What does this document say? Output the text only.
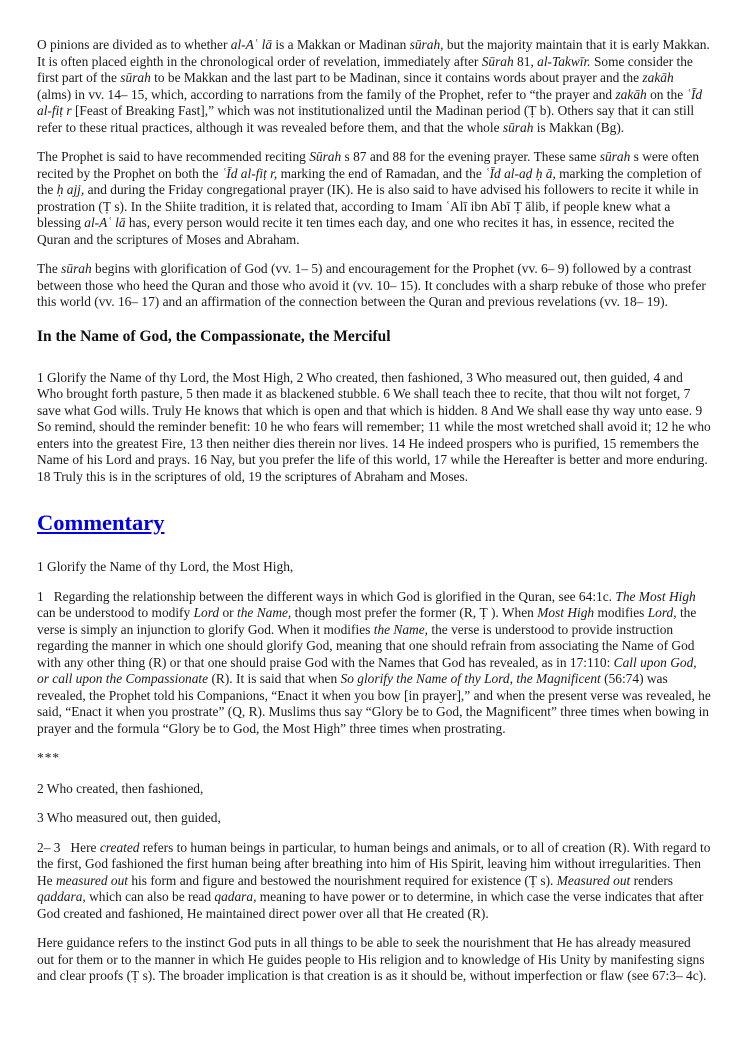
O pinions are divided as to whether al-Aʿ lā is a Makkan or Madinan sūrah, but the majority maintain that it is early Makkan. It is often placed eighth in the chronological order of revelation, immediately after Sūrah 81, al-Takwīr. Some consider the first part of the sūrah to be Makkan and the last part to be Madinan, since it contains words about prayer and the zakāh (alms) in vv. 14– 15, which, according to narrations from the family of the Prophet, refer to “the prayer and zakāh on the ʿĪd al-fiṭ r [Feast of Breaking Fast],” which was not institutionalized until the Madinan period (Ṭ b). Others say that it can still refer to these ritual practices, although it was revealed before them, and that the whole sūrah is Makkan (Bg).

The Prophet is said to have recommended reciting Sūrah s 87 and 88 for the evening prayer. These same sūrah s were often recited by the Prophet on both the ʿĪd al-fiṭ r, marking the end of Ramadan, and the ʿĪd al-aḍ ḥ ā, marking the completion of the ḥ ajj, and during the Friday congregational prayer (IK). He is also said to have advised his followers to recite it while in prostration (Ṭ s). In the Shiite tradition, it is related that, according to Imam ʿAlī ibn Abī Ṭ ālib, if people knew what a blessing al-Aʿ lā has, every person would recite it ten times each day, and one who recites it has, in essence, recited the Quran and the scriptures of Moses and Abraham.

The sūrah begins with glorification of God (vv. 1– 5) and encouragement for the Prophet (vv. 6– 9) followed by a contrast between those who heed the Quran and those who avoid it (vv. 10– 15). It concludes with a sharp rebuke of those who prefer this world (vv. 16– 17) and an affirmation of the connection between the Quran and previous revelations (vv. 18– 19).

In the Name of God, the Compassionate, the Merciful

1 Glorify the Name of thy Lord, the Most High, 2 Who created, then fashioned, 3 Who measured out, then guided, 4 and Who brought forth pasture, 5 then made it as blackened stubble. 6 We shall teach thee to recite, that thou wilt not forget, 7 save what God wills. Truly He knows that which is open and that which is hidden. 8 And We shall ease thy way unto ease. 9 So remind, should the reminder benefit: 10 he who fears will remember; 11 while the most wretched shall avoid it; 12 he who enters into the greatest Fire, 13 then neither dies therein nor lives. 14 He indeed prospers who is purified, 15 remembers the Name of his Lord and prays. 16 Nay, but you prefer the life of this world, 17 while the Hereafter is better and more enduring. 18 Truly this is in the scriptures of old, 19 the scriptures of Abraham and Moses.

Commentary

1 Glorify the Name of thy Lord, the Most High,

1   Regarding the relationship between the different ways in which God is glorified in the Quran, see 64:1c. The Most High can be understood to modify Lord or the Name, though most prefer the former (R, Ṭ ). When Most High modifies Lord, the verse is simply an injunction to glorify God. When it modifies the Name, the verse is understood to provide instruction regarding the manner in which one should glorify God, meaning that one should refrain from associating the Name of God with any other thing (R) or that one should praise God with the Names that God has revealed, as in 17:110: Call upon God, or call upon the Compassionate (R). It is said that when So glorify the Name of thy Lord, the Magnificent (56:74) was revealed, the Prophet told his Companions, “Enact it when you bow [in prayer],” and when the present verse was revealed, he said, “Enact it when you prostrate” (Q, R). Muslims thus say “Glory be to God, the Magnificent” three times when bowing in prayer and the formula “Glory be to God, the Most High” three times when prostrating.

***

2 Who created, then fashioned,

3 Who measured out, then guided,

2– 3   Here created refers to human beings in particular, to human beings and animals, or to all of creation (R). With regard to the first, God fashioned the first human being after breathing into him of His Spirit, leaving him without irregularities. Then He measured out his form and figure and bestowed the nourishment required for existence (Ṭ s). Measured out renders qaddara, which can also be read qadara, meaning to have power or to determine, in which case the verse indicates that after God created and fashioned, He maintained direct power over all that He created (R).

Here guidance refers to the instinct God puts in all things to be able to seek the nourishment that He has already measured out for them or to the manner in which He guides people to His religion and to knowledge of His Unity by manifesting signs and clear proofs (Ṭ s). The broader implication is that creation is as it should be, without imperfection or flaw (see 67:3– 4c).
